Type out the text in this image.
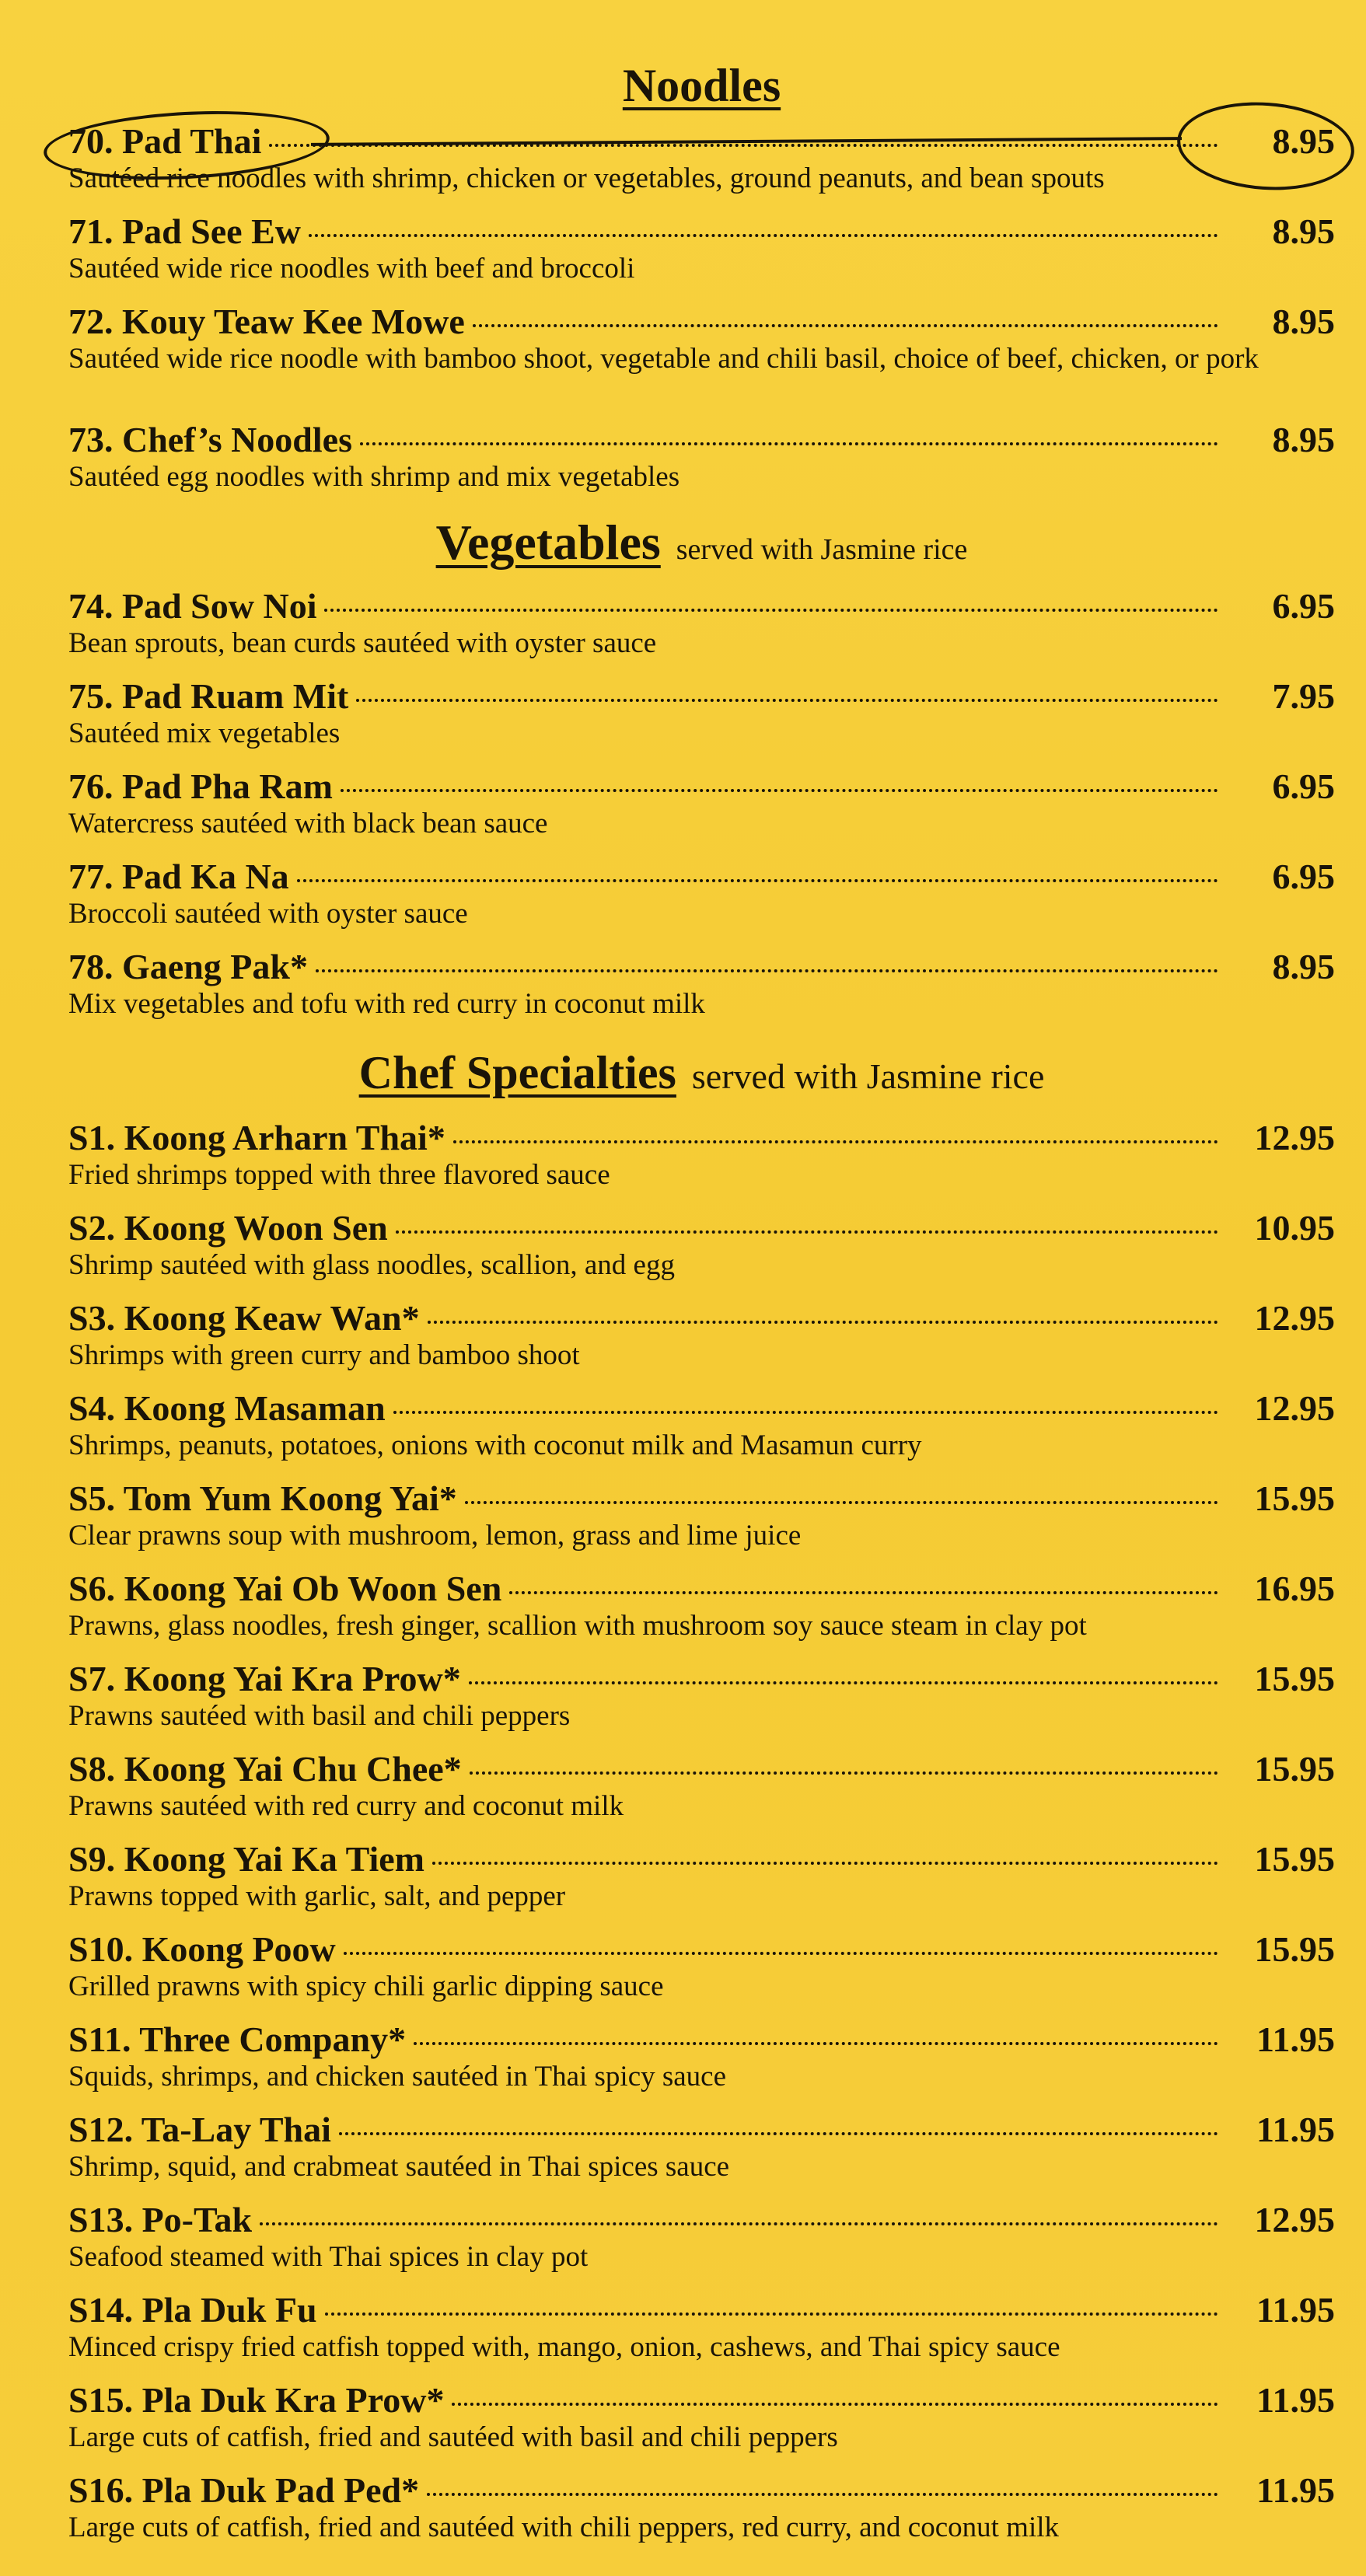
Noodles
70. Pad Thai	8.95
Sautéed rice noodles with shrimp, chicken or vegetables, ground peanuts, and bean spouts
71. Pad See Ew	8.95
Sautéed wide rice noodles with beef and broccoli
72. Kouy Teaw Kee Mowe	8.95
Sautéed wide rice noodle with bamboo shoot, vegetable and chili basil, choice of beef, chicken, or pork
73. Chef’s Noodles	8.95
Sautéed egg noodles with shrimp and mix vegetables
Vegetables served with Jasmine rice
74. Pad Sow Noi	6.95
Bean sprouts, bean curds sautéed with oyster sauce
75. Pad Ruam Mit	7.95
Sautéed mix vegetables
76. Pad Pha Ram	6.95
Watercress sautéed with black bean sauce
77. Pad Ka Na	6.95
Broccoli sautéed with oyster sauce
78. Gaeng Pak*	8.95
Mix vegetables and tofu with red curry in coconut milk
Chef Specialties served with Jasmine rice
S1. Koong Arharn Thai*	12.95
Fried shrimps topped with three flavored sauce
S2. Koong Woon Sen	10.95
Shrimp sautéed with glass noodles, scallion, and egg
S3. Koong Keaw Wan*	12.95
Shrimps with green curry and bamboo shoot
S4. Koong Masaman	12.95
Shrimps, peanuts, potatoes, onions with coconut milk and Masamun curry
S5. Tom Yum Koong Yai*	15.95
Clear prawns soup with mushroom, lemon, grass and lime juice
S6. Koong Yai Ob Woon Sen	16.95
Prawns, glass noodles, fresh ginger, scallion with mushroom soy sauce steam in clay pot
S7. Koong Yai Kra Prow*	15.95
Prawns sautéed with basil and chili peppers
S8. Koong Yai Chu Chee*	15.95
Prawns sautéed with red curry and coconut milk
S9. Koong Yai Ka Tiem	15.95
Prawns topped with garlic, salt, and pepper
S10. Koong Poow	15.95
Grilled prawns with spicy chili garlic dipping sauce
S11. Three Company*	11.95
Squids, shrimps, and chicken sautéed in Thai spicy sauce
S12. Ta-Lay Thai	11.95
Shrimp, squid, and crabmeat sautéed in Thai spices sauce
S13. Po-Tak	12.95
Seafood steamed with Thai spices in clay pot
S14. Pla Duk Fu	11.95
Minced crispy fried catfish topped with, mango, onion, cashews, and Thai spicy sauce
S15. Pla Duk Kra Prow*	11.95
Large cuts of catfish, fried and sautéed with basil and chili peppers
S16. Pla Duk Pad Ped*	11.95
Large cuts of catfish, fried and sautéed with chili peppers, red curry, and coconut milk
